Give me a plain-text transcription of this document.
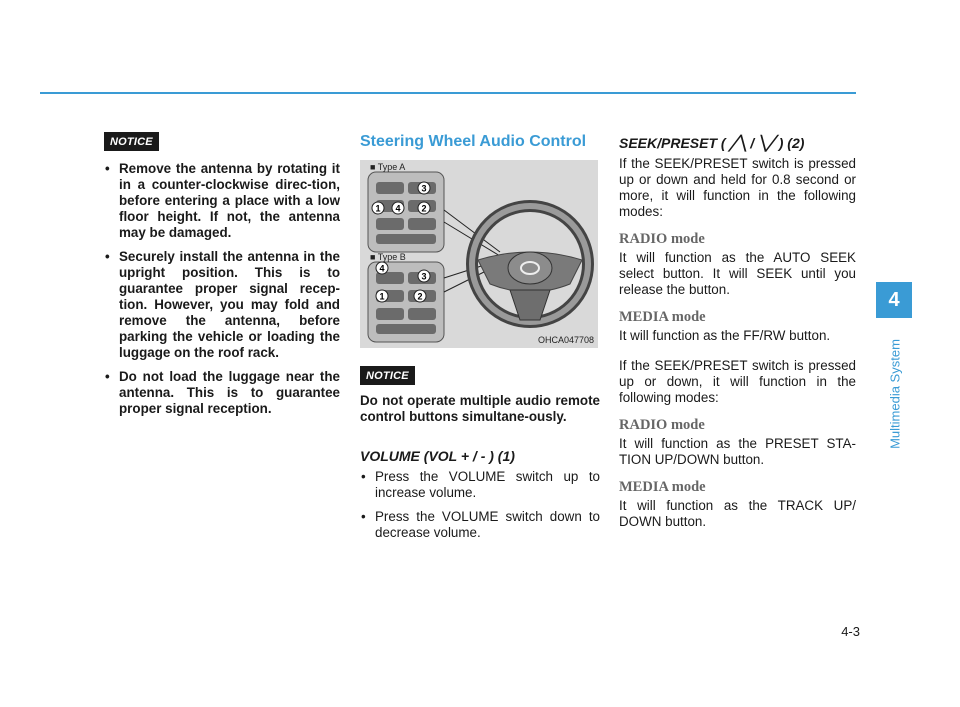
NOTICE
• Remove the antenna by rotating it in a counter-clockwise direc-tion, before entering a place with a low floor height. If not, the antenna may be damaged.
• Securely install the antenna in the upright position. This is to guarantee proper signal recep-tion. However, you may fold and remove the antenna, before parking the vehicle or loading the luggage on the roof rack.
• Do not load the luggage near the antenna. This is to guarantee proper signal reception.
Steering Wheel Audio Control
3
1 4 2
3
4
1	2
■ Type A
■ Type B
OHCA047708
NOTICE

Do not operate multiple audio remote control buttons simultane-ously.

VOLUME (VOL + / - ) (1)
• Press the VOLUME switch up to increase volume.
• Press the VOLUME switch down to decrease volume.
SEEK/PRESET ( ╱╲ / ╲╱ ) (2)

If the SEEK/PRESET switch is pressed up or down and held for 0.8 second or more, it will function in the following modes:

RADIO mode

It will function as the AUTO SEEK select button. It will SEEK until you release the button.

MEDIA mode

It will function as the FF/RW button.

If the SEEK/PRESET switch is pressed up or down, it will function in the following modes:

RADIO mode

It will function as the PRESET STA-TION UP/DOWN button.

MEDIA mode

It will function as the TRACK UP/ DOWN button.

4
Multimedia System
4-3
